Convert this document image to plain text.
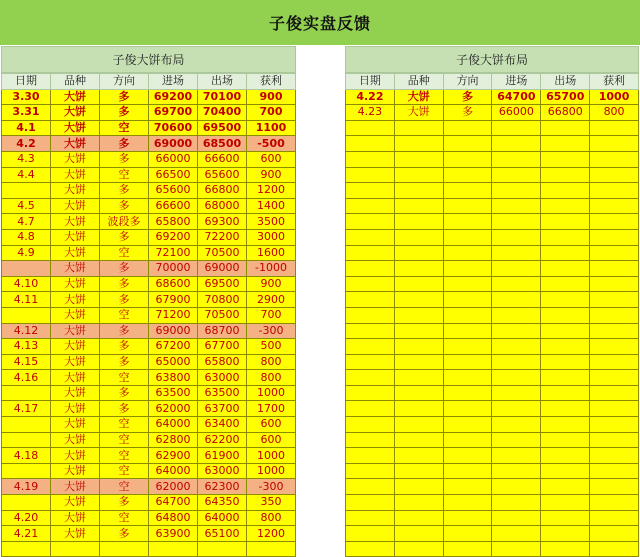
子俊实盘反馈
子俊大饼布局
日期	品种	方向	进场	出场	获利
3.30	大饼	多	69200	70100	900
3.31	大饼	多	69700	70400	700
4.1	大饼	空	70600	69500	1100
4.2	大饼	多	69000	68500	-500
4.3	大饼	多	66000	66600	600
4.4	大饼	空	66500	65600	900
	大饼	多	65600	66800	1200
4.5	大饼	多	66600	68000	1400
4.7	大饼	波段多	65800	69300	3500
4.8	大饼	多	69200	72200	3000
4.9	大饼	空	72100	70500	1600
	大饼	多	70000	69000	-1000
4.10	大饼	多	68600	69500	900
4.11	大饼	多	67900	70800	2900
	大饼	空	71200	70500	700
4.12	大饼	多	69000	68700	-300
4.13	大饼	多	67200	67700	500
4.15	大饼	多	65000	65800	800
4.16	大饼	空	63800	63000	800
	大饼	多	63500	63500	1000
4.17	大饼	多	62000	63700	1700
	大饼	空	64000	63400	600
	大饼	空	62800	62200	600
4.18	大饼	空	62900	61900	1000
	大饼	空	64000	63000	1000
4.19	大饼	空	62000	62300	-300
	大饼	多	64700	64350	350
4.20	大饼	空	64800	64000	800
4.21	大饼	多	63900	65100	1200

子俊大饼布局
日期	品种	方向	进场	出场	获利
4.22	大饼	多	64700	65700	1000
4.23	大饼	多	66000	66800	800
